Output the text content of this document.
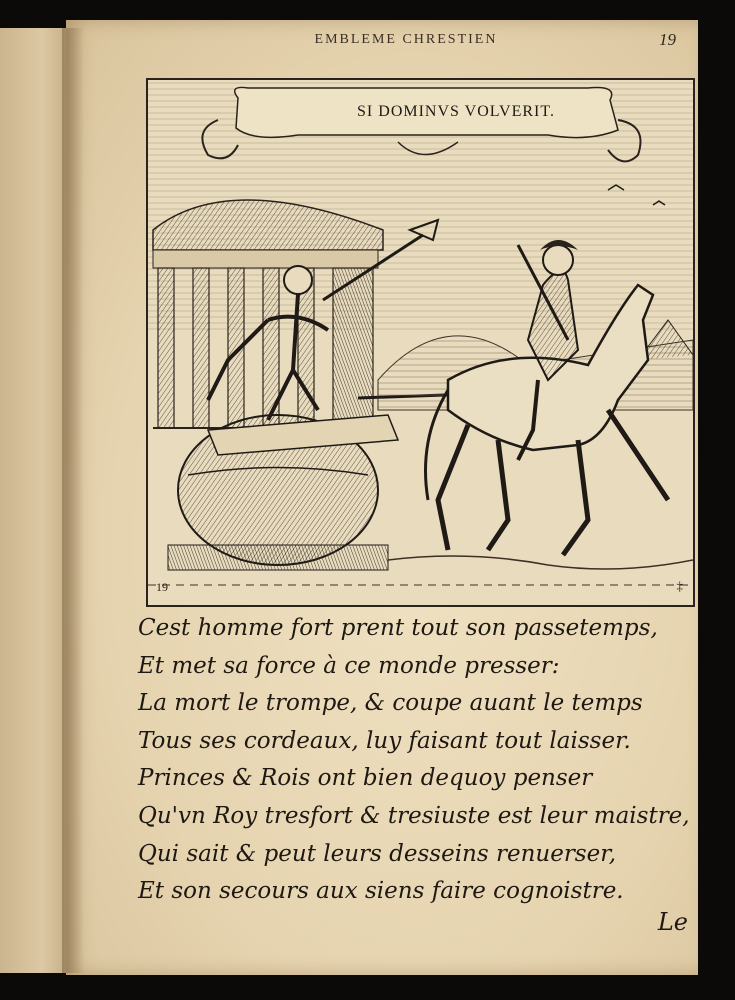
EMBLEME CHRESTIEN	19
SI DOMINVS VOLVERIT.
19	‡
Cest homme fort prent tout son passetemps,
Et met sa force à ce monde presser:
La mort le trompe, & coupe auant le temps
Tous ses cordeaux, luy faisant tout laisser.
Princes & Rois ont bien dequoy penser
Qu'vn Roy tresfort & tresiuste est leur maistre,
Qui sait & peut leurs desseins renuerser,
Et son secours aux siens faire cognoistre.
Le
